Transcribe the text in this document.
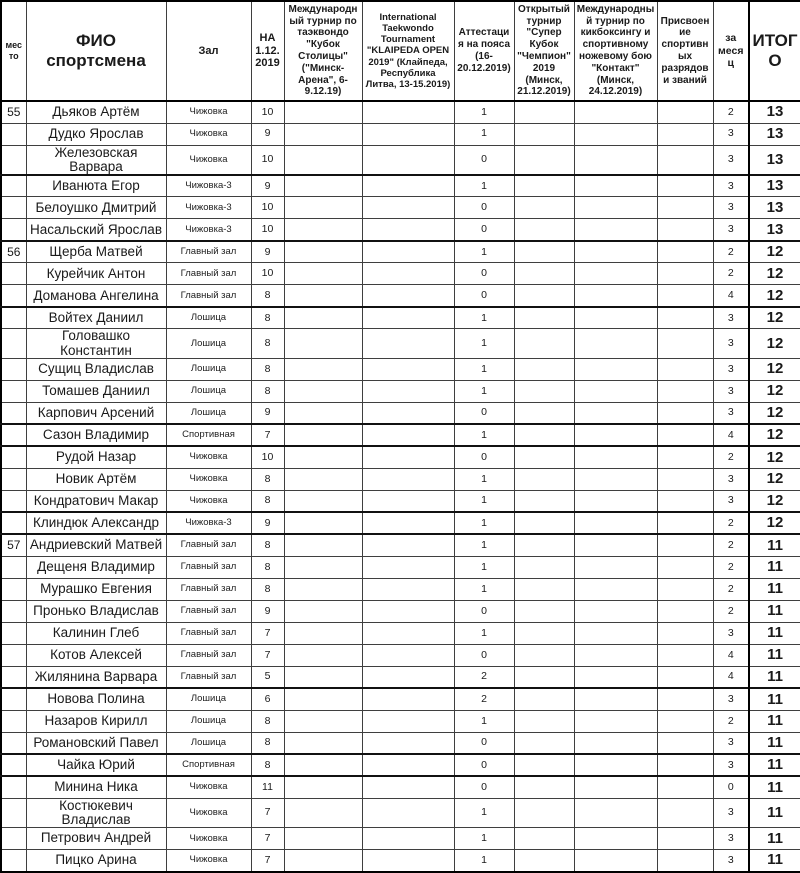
место	ФИО спортсмена	Зал	НА 1.12. 2019	Международный турнир по таэквондо "Кубок Столицы" ("Минск-Арена", 6-9.12.19)	International Taekwondo Tournament "KLAIPEDA OPEN 2019" (Клайпеда, Республика Литва, 13-15.2019)	Аттестация на пояса (16-20.12.2019)	Открытый турнир "Супер Кубок "Чемпион" 2019 (Минск, 21.12.2019)	Международный турнир по кикбоксингу и спортивному ножевому бою "Контакт" (Минск, 24.12.2019)	Присвоение спортивных разрядов и званий	за месяц	ИТОГО
55	Дьяков Артём	Чижовка	10			1				2	13
	Дудко Ярослав	Чижовка	9			1				3	13
	Железовская Варвара	Чижовка	10			0				3	13
	Иванюта Егор	Чижовка-3	9			1				3	13
	Белоушко Дмитрий	Чижовка-3	10			0				3	13
	Насальский Ярослав	Чижовка-3	10			0				3	13
56	Щерба Матвей	Главный зал	9			1				2	12
	Курейчик Антон	Главный зал	10			0				2	12
	Доманова Ангелина	Главный зал	8			0				4	12
	Войтех Даниил	Лошица	8			1				3	12
	Головашко Константин	Лошица	8			1				3	12
	Сущиц Владислав	Лошица	8			1				3	12
	Томашев Даниил	Лошица	8			1				3	12
	Карпович Арсений	Лошица	9			0				3	12
	Сазон Владимир	Спортивная	7			1				4	12
	Рудой Назар	Чижовка	10			0				2	12
	Новик Артём	Чижовка	8			1				3	12
	Кондратович Макар	Чижовка	8			1				3	12
	Клиндюк Александр	Чижовка-3	9			1				2	12
57	Андриевский Матвей	Главный зал	8			1				2	11
	Дещеня Владимир	Главный зал	8			1				2	11
	Мурашко Евгения	Главный зал	8			1				2	11
	Пронько Владислав	Главный зал	9			0				2	11
	Калинин Глеб	Главный зал	7			1				3	11
	Котов Алексей	Главный зал	7			0				4	11
	Жилянина Варвара	Главный зал	5			2				4	11
	Новова Полина	Лошица	6			2				3	11
	Назаров Кирилл	Лошица	8			1				2	11
	Романовский Павел	Лошица	8			0				3	11
	Чайка Юрий	Спортивная	8			0				3	11
	Минина Ника	Чижовка	11			0				0	11
	Костюкевич Владислав	Чижовка	7			1				3	11
	Петрович Андрей	Чижовка	7			1				3	11
	Пицко Арина	Чижовка	7			1				3	11
